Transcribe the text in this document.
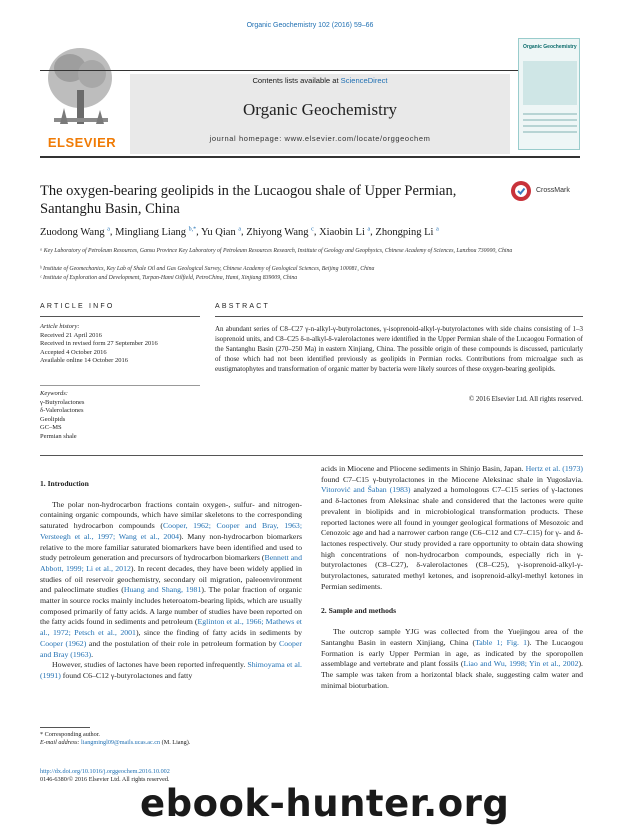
Organic Geochemistry 102 (2016) 59–66
ELSEVIER
Contents lists available at ScienceDirect
Organic Geochemistry
journal homepage: www.elsevier.com/locate/orggeochem
Organic Geochemistry
The oxygen-bearing geolipids in the Lucaogou shale of Upper Permian, Santanghu Basin, China
CrossMark
Zuodong Wang $^a$, Mingliang Liang $^{b,*}$, Yu Qian $^a$, Zhiyong Wang $^c$, Xiaobin Li $^a$, Zhongping Li $^a$
ᵃ Key Laboratory of Petroleum Resources, Gansu Province Key Laboratory of Petroleum Resources Research, Institute of Geology and Geophysics, Chinese Academy of Sciences, Lanzhou 730000, China
ᵇ Institute of Geomechanics, Key Lab of Shale Oil and Gas Geological Survey, Chinese Academy of Geological Sciences, Beijing 100081, China
ᶜ Institute of Exploration and Development, Turpan-Hami Oilfield, PetroChina, Hami, Xinjiang 839009, China
ARTICLE INFO	ABSTRACT
Article history:
Received 21 April 2016
Received in revised form 27 September 2016
Accepted 4 October 2016
Available online 14 October 2016
Keywords:
γ-Butyrolactones
δ-Valerolactones
Geolipids
GC–MS
Permian shale
An abundant series of C8–C27 γ-n-alkyl-γ-butyrolactones, γ-isoprenoid-alkyl-γ-butyrolactones with side chains consisting of 1–3 isoprenoid units, and C8–C25 δ-n-alkyl-δ-valerolactones were identified in the Upper Permian shale of the Lucaogou Formation of the Santanghu Basin (270–250 Ma) in eastern Xinjiang, China. The possible origin of these compounds is discussed, particularly of those which had not been identified previously as geolipids in Permian rocks. Contributions from microalgae such as eustigmatophytes and transformation of organic matter by bacteria were likely sources of these oxygen-bearing geolipids.
© 2016 Elsevier Ltd. All rights reserved.
1. Introduction

The polar non-hydrocarbon fractions contain oxygen-, sulfur- and nitrogen-containing organic compounds, which have similar skeletons to the corresponding saturated hydrocarbon compounds (Cooper, 1962; Cooper and Bray, 1963; Versteegh et al., 1997; Wang et al., 2004). Many non-hydrocarbon biomarkers relative to the more familiar saturated biomarkers have been identified and used to study petroleum generation and precursors of hydrocarbon biomarkers (Bennett and Abbott, 1999; Li et al., 2012). In recent decades, they have been widely applied in studies of oil reservoir geochemistry, secondary oil migration, paleoenvironment and paleoclimate studies (Huang and Shang, 1981). The polar fraction of organic matter in source rocks mainly includes heteroatom-bearing lipids, which are usually composed primarily of fatty acids. A large number of studies have been reported on the fatty acids found in sediments and petroleum (Eglinton et al., 1966; Mathews et al., 1972; Petsch et al., 2001), since the finding of fatty acids in sediments by Cooper (1962) and the postulation of their role in petroleum formation by Cooper and Bray (1963).

However, studies of lactones have been reported infrequently. Shimoyama et al. (1991) found C6–C12 γ-butyrolactones and fatty

acids in Miocene and Pliocene sediments in Shinjo Basin, Japan. Hertz et al. (1973) found C7–C15 γ-butyrolactones in the Miocene Aleksinac shale in Yugoslavia. Vitorović and Šaban (1983) analyzed a homologous C7–C15 series of γ-lactones and δ-lactones from Aleksinac shale and considered that the lactones were quite prevalent in biolipids and in microbiological transformation products. These reported lactones were all found in younger geological formations of Mesozoic and Cenozoic age and had a narrower carbon range (C6–C12 and C7–C15) for γ- and δ-lactones respectively. Our study provided a rare opportunity to obtain data showing high concentrations of non-hydrocarbon compounds, especially rich in γ-butyrolactones (C8–C27), δ-valerolactones (C8–C25), γ-isoprenoid-alkyl-γ-butyrolactones, saturated methyl ketones, and isoprenoid-alkyl-methyl ketones in Permian sediments.

2. Sample and methods

The outcrop sample YJG was collected from the Yuejingou area of the Santanghu Basin in eastern Xinjiang, China (Table 1; Fig. 1). The Lucaogou Formation is early Upper Permian in age, as indicated by the sporopollen assemblage and vertebrate and plant fossils (Liao and Wu, 1998; Yin et al., 2002). The sample was taken from a horizontal black shale, suggesting calm water and minimal bioturbation.

* Corresponding author.
E-mail address: liangmingl09@mails.ucas.ac.cn (M. Liang).
http://dx.doi.org/10.1016/j.orggeochem.2016.10.002
0146-6380/© 2016 Elsevier Ltd. All rights reserved.
ebook-hunter.org
